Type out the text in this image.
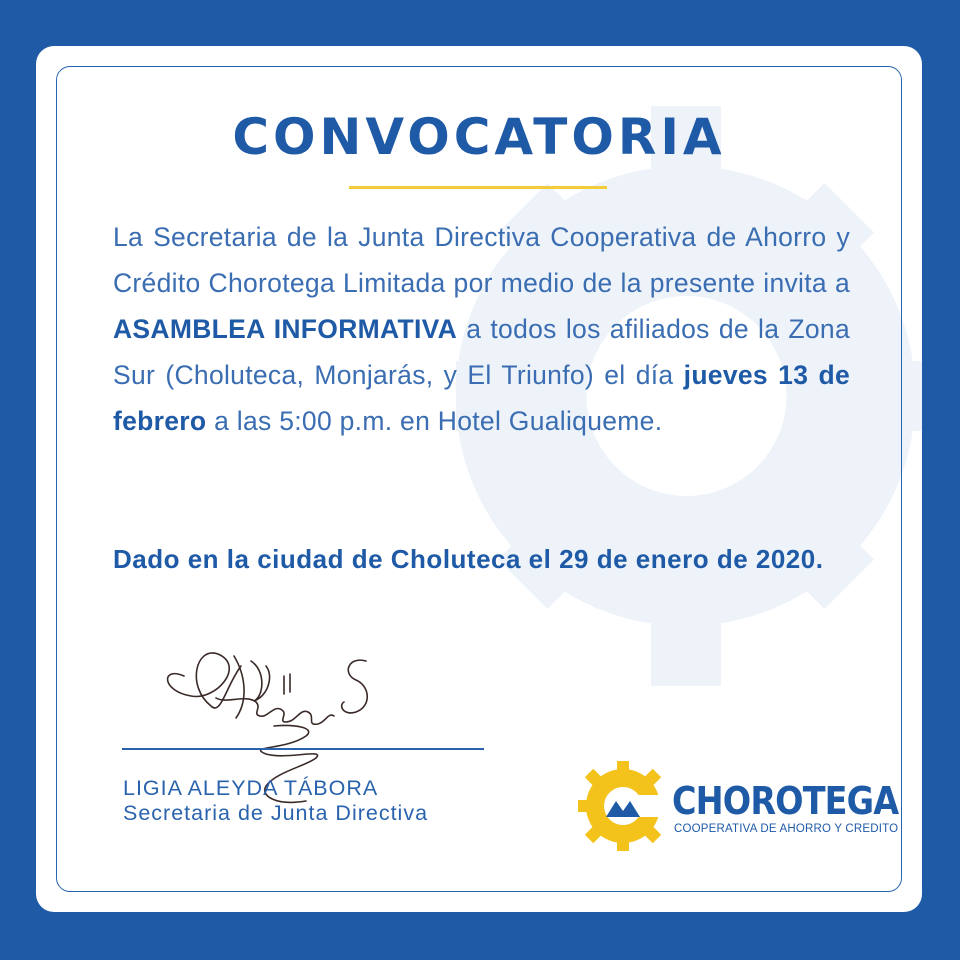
CONVOCATORIA
La Secretaria de la Junta Directiva Cooperativa de Ahorro y Crédito Chorotega Limitada por medio de la presente invita a ASAMBLEA INFORMATIVA a todos los afiliados de la Zona Sur (Choluteca, Monjarás, y El Triunfo) el día jueves 13 de febrero a las 5:00 p.m. en Hotel Gualiqueme.
Dado en la ciudad de Choluteca el 29 de enero de 2020.
LIGIA ALEYDA TÁBORA
Secretaria de Junta Directiva	CHOROTEGA
COOPERATIVA DE AHORRO Y CREDITO
